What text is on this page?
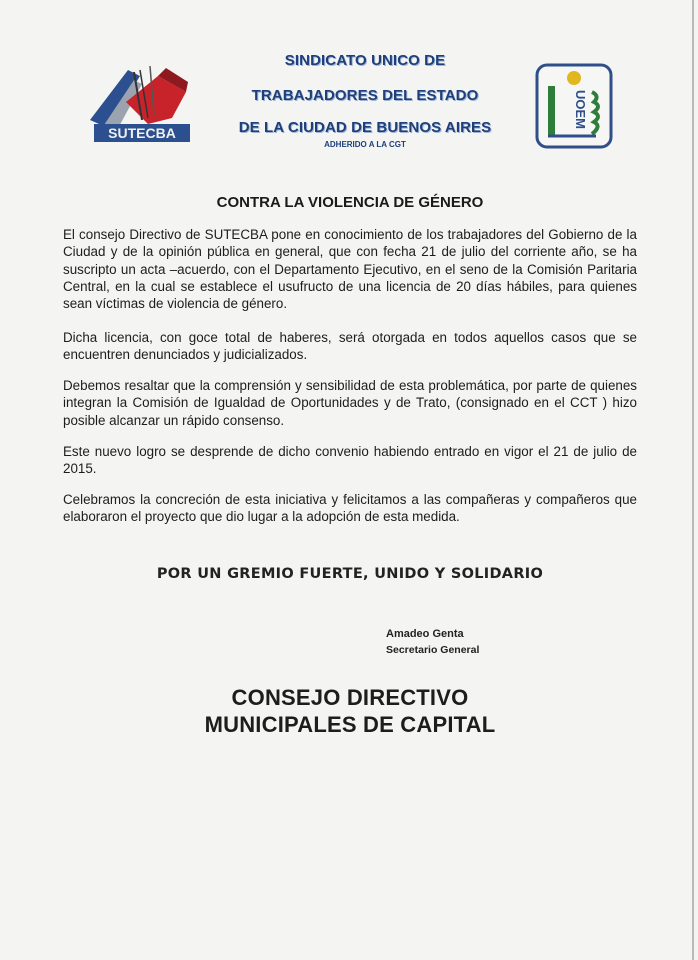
SUTECBA
SINDICATO UNICO DE
TRABAJADORES DEL ESTADO
DE LA CIUDAD DE BUENOS AIRES
ADHERIDO A LA CGT
UOEM
CONTRA LA VIOLENCIA DE GÉNERO

El consejo Directivo de SUTECBA pone en conocimiento de los trabajadores del Gobierno de la Ciudad y de la opinión pública en general, que con fecha 21 de julio del corriente año, se ha suscripto un acta –acuerdo, con el Departamento Ejecutivo, en el seno de la Comisión Paritaria Central, en la cual se establece el usufructo de una licencia de 20 días hábiles, para quienes sean víctimas de violencia de género.

Dicha licencia, con goce total de haberes, será otorgada en todos aquellos casos que se encuentren denunciados y judicializados.

Debemos resaltar que la comprensión y sensibilidad de esta problemática, por parte de quienes integran la Comisión de Igualdad de Oportunidades y de Trato, (consignado en el CCT ) hizo posible alcanzar un rápido consenso.

Este nuevo logro se desprende de dicho convenio habiendo entrado en vigor el 21 de julio de 2015.

Celebramos la concreción de esta iniciativa y felicitamos a las compañeras y compañeros que elaboraron el proyecto que dio lugar a la adopción de esta medida.

POR UN GREMIO FUERTE, UNIDO Y SOLIDARIO
Amadeo Genta
Secretario General
CONSEJO DIRECTIVO
MUNICIPALES DE CAPITAL
